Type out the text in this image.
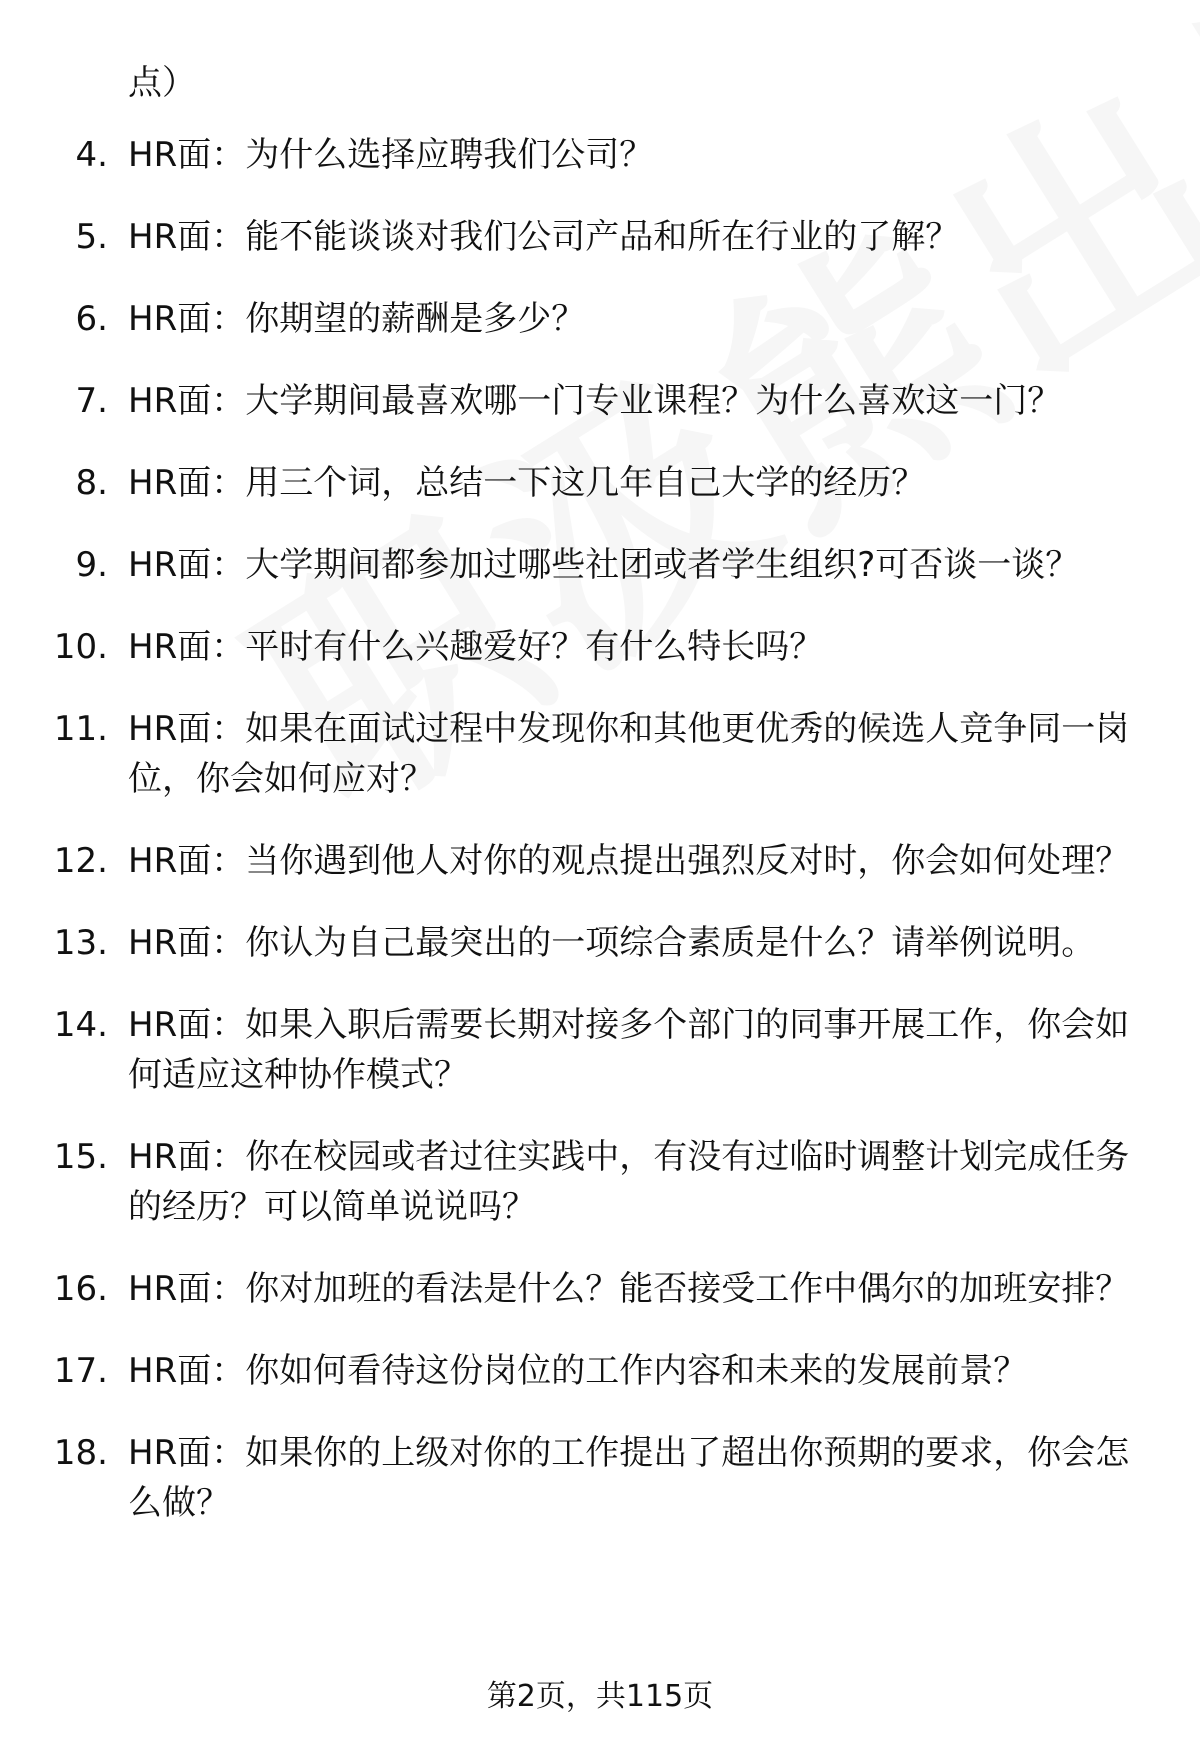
点）
4. HR面：为什么选择应聘我们公司？
5. HR面：能不能谈谈对我们公司产品和所在行业的了解？
6. HR面：你期望的薪酬是多少？
7. HR面：大学期间最喜欢哪一门专业课程？为什么喜欢这一门？
8. HR面：用三个词，总结一下这几年自己大学的经历？
9. HR面：大学期间都参加过哪些社团或者学生组织?可否谈一谈？
10. HR面：平时有什么兴趣爱好？有什么特长吗？
11. HR面：如果在面试过程中发现你和其他更优秀的候选人竞争同一岗位，你会如何应对？
12. HR面：当你遇到他人对你的观点提出强烈反对时，你会如何处理？
13. HR面：你认为自己最突出的一项综合素质是什么？请举例说明。
14. HR面：如果入职后需要长期对接多个部门的同事开展工作，你会如何适应这种协作模式？
15. HR面：你在校园或者过往实践中，有没有过临时调整计划完成任务的经历？可以简单说说吗？
16. HR面：你对加班的看法是什么？能否接受工作中偶尔的加班安排？
17. HR面：你如何看待这份岗位的工作内容和未来的发展前景？
18. HR面：如果你的上级对你的工作提出了超出你预期的要求，你会怎么做？
第2页，共115页
